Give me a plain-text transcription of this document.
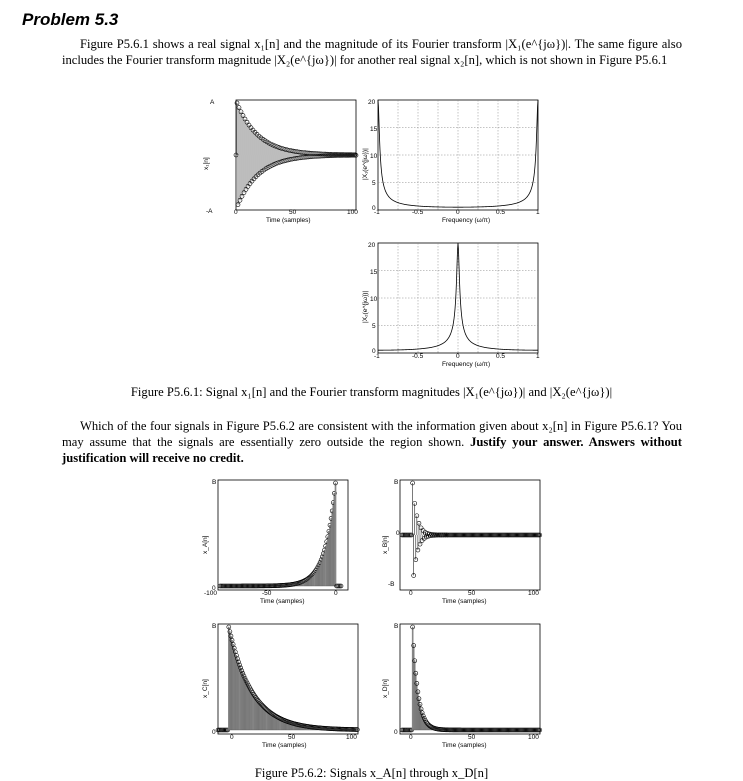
Problem 5.3
Figure P5.6.1 shows a real signal x₁[n] and the magnitude of its Fourier transform |X₁(e^{jω})|. The same figure also includes the Fourier transform magnitude |X₂(e^{jω})| for another real signal x₂[n], which is not shown in Figure P5.6.1
A
-A	0	50	100
Time (samples)
x₁[n]
-1	-0.5	0	0.5	1
Frequency (ω/π)
20
15
10
5
0
|X₁(e^{jω})|
-1	-0.5	0	0.5	1
Frequency (ω/π)
20
15
10
5
0
|X₂(e^{jω})|
Figure P5.6.1: Signal x₁[n] and the Fourier transform magnitudes |X₁(e^{jω})| and |X₂(e^{jω})|
Which of the four signals in Figure P5.6.2 are consistent with the information given about x₂[n] in Figure P5.6.1? You may assume that the signals are essentially zero outside the region shown. Justify your answer. Answers without justification will receive no credit.
-100	-50	0
Time (samples)
B
0
x_A[n]
0	50	100
Time (samples)
B
0
-B
x_B[n]
0	50	100
Time (samples)
B
0
x_C[n]
0	50	100
Time (samples)
B
0
x_D[n]
Figure P5.6.2: Signals x_A[n] through x_D[n]
